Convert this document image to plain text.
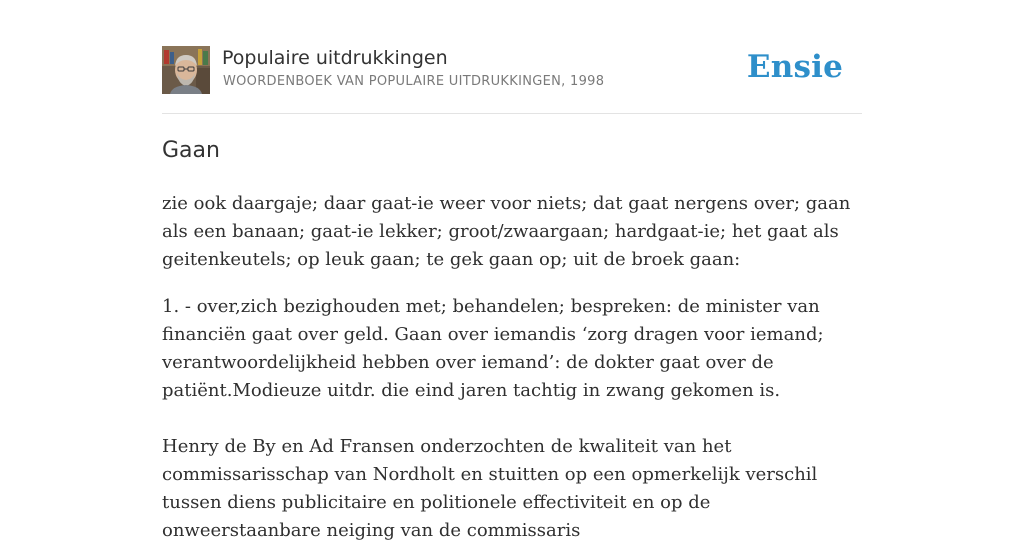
Populaire uitdrukkingen
WOORDENBOEK VAN POPULAIRE UITDRUKKINGEN, 1998	Ensie
Gaan

zie ook daargaje; daar gaat-ie weer voor niets; dat gaat nergens over; gaan als een banaan; gaat-ie lekker; groot/zwaargaan; hardgaat-ie; het gaat als geitenkeutels; op leuk gaan; te gek gaan op; uit de broek gaan:

1. - over,zich bezighouden met; behandelen; bespreken: de minister van financiën gaat over geld. Gaan over iemandis ‘zorg dragen voor iemand; verantwoordelijkheid hebben over iemand’: de dokter gaat over de patiënt.Modieuze uitdr. die eind jaren tachtig in zwang gekomen is.

Henry de By en Ad Fransen onderzochten de kwaliteit van het commissarisschap van Nordholt en stuitten op een opmerkelijk verschil tussen diens publicitaire en politionele effectiviteit en op de onweerstaanbare neiging van de commissaris
